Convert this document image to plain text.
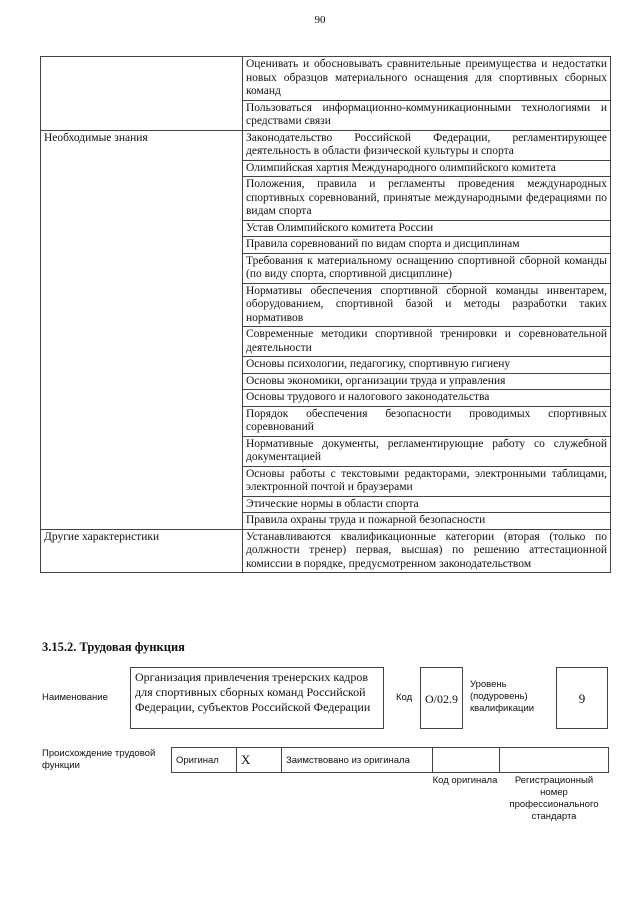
90
	Оценивать и обосновывать сравнительные преимущества и недостатки новых образцов материального оснащения для спортивных сборных команд
	Пользоваться информационно-коммуникационными технологиями и средствами связи
Необходимые знания	Законодательство Российской Федерации, регламентирующее деятельность в области физической культуры и спорта
	Олимпийская хартия Международного олимпийского комитета
	Положения, правила и регламенты проведения международных спортивных соревнований, принятые международными федерациями по видам спорта
	Устав Олимпийского комитета России
	Правила соревнований по видам спорта и дисциплинам
	Требования к материальному оснащению спортивной сборной команды (по виду спорта, спортивной дисциплине)
	Нормативы обеспечения спортивной сборной команды инвентарем, оборудованием, спортивной базой и методы разработки таких нормативов
	Современные методики спортивной тренировки и соревновательной деятельности
	Основы психологии, педагогику, спортивную гигиену
	Основы экономики, организации труда и управления
	Основы трудового и налогового законодательства
	Порядок обеспечения безопасности проводимых спортивных соревнований
	Нормативные документы, регламентирующие работу со служебной документацией
	Основы работы с текстовыми редакторами, электронными таблицами, электронной почтой и браузерами
	Этические нормы в области спорта
	Правила охраны труда и пожарной безопасности
Другие характеристики	Устанавливаются квалификационные категории (вторая (только по должности тренер) первая, высшая) по решению аттестационной комиссии в порядке, предусмотренном законодательством
3.15.2. Трудовая функция
Наименование
Организация привлечения тренерских кадров для спортивных сборных команд Российской Федерации, субъектов Российской Федерации
Код	O/02.9
Уровень (подуровень) квалификации
9
Происхождение трудовой функции	Оригинал	X	Заимствовано из оригинала		
Код оригинала	Регистрационный номер профессионального стандарта
